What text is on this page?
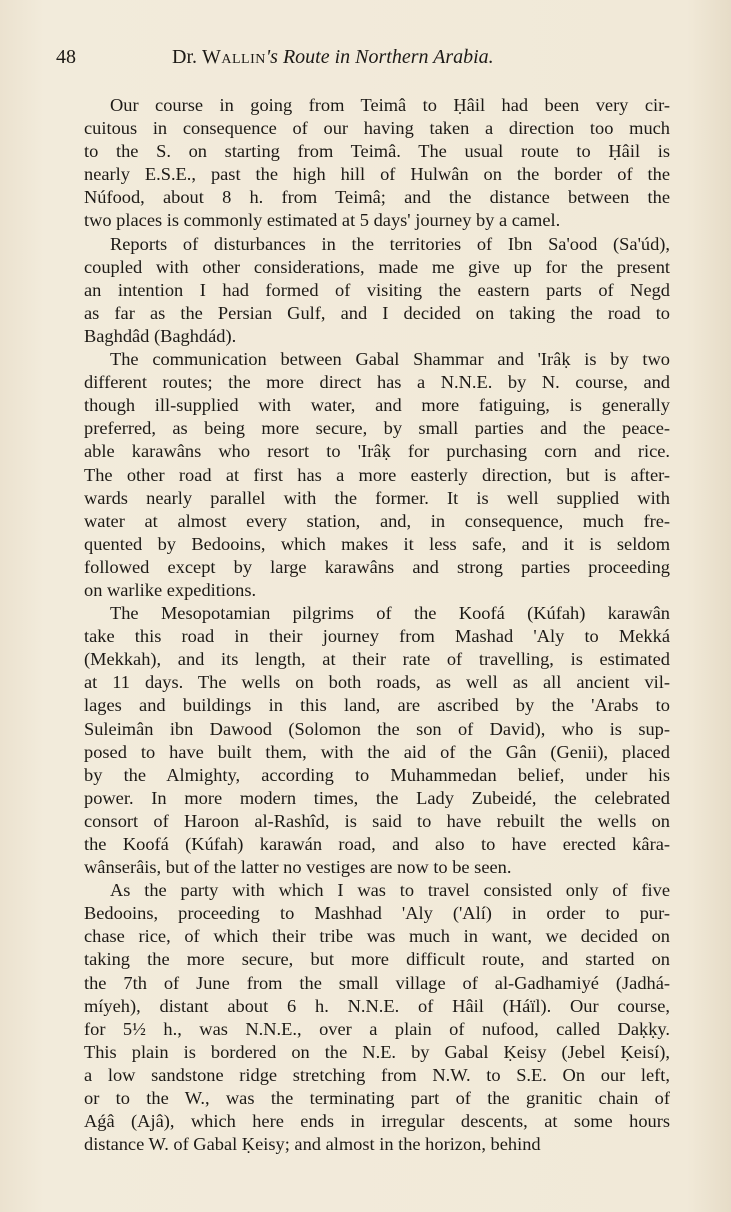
48	Dr. Wallin's Route in Northern Arabia.
Our course in going from Teimâ to Ḥâil had been very cir-
cuitous in consequence of our having taken a direction too much
to the S. on starting from Teimâ. The usual route to Ḥâil is
nearly E.S.E., past the high hill of Hulwân on the border of the
Núfood, about 8 h. from Teimâ; and the distance between the
two places is commonly estimated at 5 days' journey by a camel.
Reports of disturbances in the territories of Ibn Sa'ood (Sa'úd),
coupled with other considerations, made me give up for the present
an intention I had formed of visiting the eastern parts of Negd
as far as the Persian Gulf, and I decided on taking the road to
Baghdâd (Baghdád).
The communication between Gabal Shammar and 'Irâḳ is by two
different routes; the more direct has a N.N.E. by N. course, and
though ill-supplied with water, and more fatiguing, is generally
preferred, as being more secure, by small parties and the peace-
able karawâns who resort to 'Irâḳ for purchasing corn and rice.
The other road at first has a more easterly direction, but is after-
wards nearly parallel with the former. It is well supplied with
water at almost every station, and, in consequence, much fre-
quented by Bedooins, which makes it less safe, and it is seldom
followed except by large karawâns and strong parties proceeding
on warlike expeditions.
The Mesopotamian pilgrims of the Koofá (Kúfah) karawân
take this road in their journey from Mashad 'Aly to Mekká
(Mekkah), and its length, at their rate of travelling, is estimated
at 11 days. The wells on both roads, as well as all ancient vil-
lages and buildings in this land, are ascribed by the 'Arabs to
Suleimân ibn Dawood (Solomon the son of David), who is sup-
posed to have built them, with the aid of the Gân (Genii), placed
by the Almighty, according to Muhammedan belief, under his
power. In more modern times, the Lady Zubeidé, the celebrated
consort of Haroon al-Rashîd, is said to have rebuilt the wells on
the Koofá (Kúfah) karawán road, and also to have erected kâra-
wânserâis, but of the latter no vestiges are now to be seen.
As the party with which I was to travel consisted only of five
Bedooins, proceeding to Mashhad 'Aly ('Alí) in order to pur-
chase rice, of which their tribe was much in want, we decided on
taking the more secure, but more difficult route, and started on
the 7th of June from the small village of al-Gadhamiyé (Jadhá-
míyeh), distant about 6 h. N.N.E. of Hâil (Háïl). Our course,
for 5½ h., was N.N.E., over a plain of nufood, called Daḳḳy.
This plain is bordered on the N.E. by Gabal Ḳeisy (Jebel Ḳeisí),
a low sandstone ridge stretching from N.W. to S.E. On our left,
or to the W., was the terminating part of the granitic chain of
Aǵâ (Ajâ), which here ends in irregular descents, at some hours
distance W. of Gabal Ḳeisy; and almost in the horizon, behind
